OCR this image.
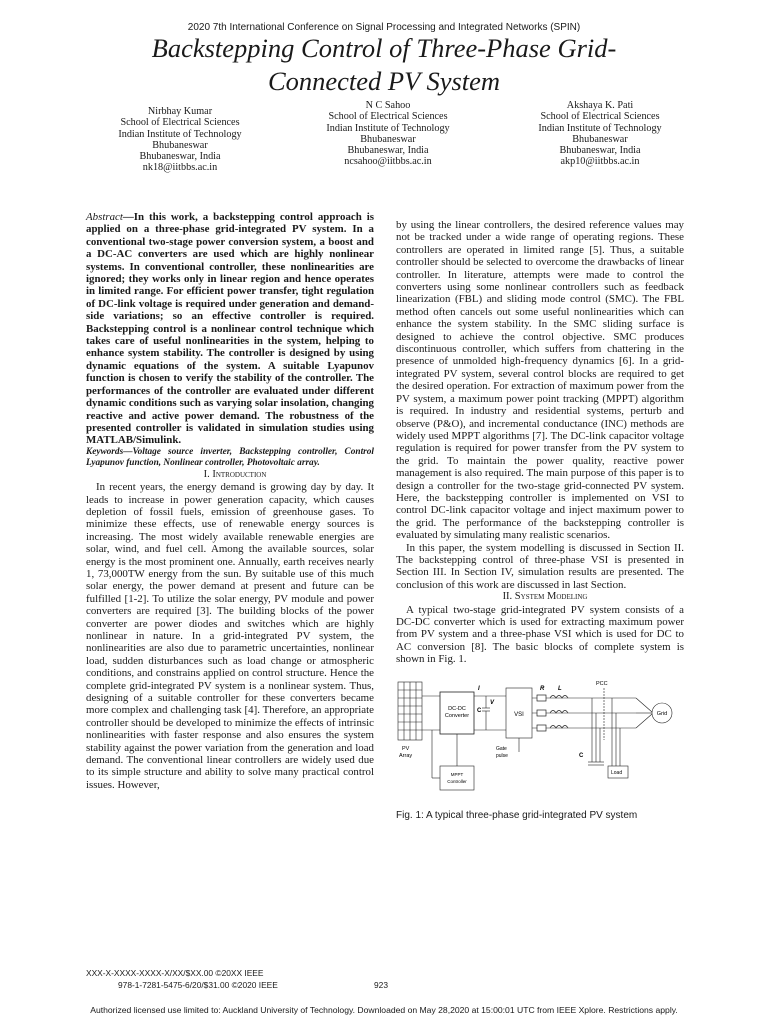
2020 7th International Conference on Signal Processing and Integrated Networks (SPIN)
Backstepping Control of Three-Phase Grid-
Connected PV System
Nirbhay Kumar
School of Electrical Sciences
Indian Institute of Technology
Bhubaneswar
Bhubaneswar, India
nk18@iitbbs.ac.in
N C Sahoo
School of Electrical Sciences
Indian Institute of Technology
Bhubaneswar
Bhubaneswar, India
ncsahoo@iitbbs.ac.in
Akshaya K. Pati
School of Electrical Sciences
Indian Institute of Technology
Bhubaneswar
Bhubaneswar, India
akp10@iitbbs.ac.in

Abstract—In this work, a backstepping control approach is applied on a three-phase grid-integrated PV system. In a conventional two-stage power conversion system, a boost and a DC-AC converters are used which are highly nonlinear systems. In conventional controller, these nonlinearities are ignored; they works only in linear region and hence operates in limited range. For efficient power transfer, tight regulation of DC-link voltage is required under generation and demand-side variations; so an effective controller is required. Backstepping control is a nonlinear control technique which takes care of useful nonlinearities in the system, helping to enhance system stability. The controller is designed by using dynamic equations of the system. A suitable Lyapunov function is chosen to verify the stability of the controller. The performances of the controller are evaluated under different dynamic conditions such as varying solar insolation, changing reactive and active power demand. The robustness of the presented controller is validated in simulation studies using MATLAB/Simulink.

Keywords—Voltage source inverter, Backstepping controller, Control Lyapunov function, Nonlinear controller, Photovoltaic array.

I. Introduction

In recent years, the energy demand is growing day by day. It leads to increase in power generation capacity, which causes depletion of fossil fuels, emission of greenhouse gases. To minimize these effects, use of renewable energy sources is increasing. The most widely available renewable energies are solar, wind, and fuel cell. Among the available sources, solar energy is the most prominent one. Annually, earth receives nearly 1, 73,000TW energy from the sun. By suitable use of this much solar energy, the power demand at present and future can be fulfilled [1-2]. To utilize the solar energy, PV module and power converters are required [3]. The building blocks of the power converter are power diodes and switches which are highly nonlinear in nature. In a grid-integrated PV system, the nonlinearities are also due to parametric uncertainties, nonlinear load, sudden disturbances such as load change or atmospheric conditions, and constrains applied on control structure. Hence the complete grid-integrated PV system is a nonlinear system. Thus, designing of a suitable controller for these converters became more complex and challenging task [4]. Therefore, an appropriate controller should be developed to minimize the effects of intrinsic nonlinearities with faster response and also ensures the system stability against the power variation from the generation and load demand. The conventional linear controllers are widely used due to its simple structure and ability to solve many practical control issues. However,

by using the linear controllers, the desired reference values may not be tracked under a wide range of operating regions. These controllers are operated in limited range [5]. Thus, a suitable controller should be selected to overcome the drawbacks of linear controller. In literature, attempts were made to control the converters using some nonlinear controllers such as feedback linearization (FBL) and sliding mode control (SMC). The FBL method often cancels out some useful nonlinearities which can enhance the system stability. In the SMC sliding surface is designed to achieve the control objective. SMC produces discontinuous controller, which suffers from chattering in the presence of unmolded high-frequency dynamics [6]. In a grid-integrated PV system, several control blocks are required to get the desired operation. For extraction of maximum power from the PV system, a maximum power point tracking (MPPT) algorithm is required. In industry and residential systems, perturb and observe (P&O), and incremental conductance (INC) methods are widely used MPPT algorithms [7]. The DC-link capacitor voltage regulation is required for power transfer from the PV system to the grid. To maintain the power quality, reactive power management is also required. The main purpose of this paper is to design a controller for the two-stage grid-connected PV system. Here, the backstepping controller is implemented on VSI to control DC-link capacitor voltage and inject maximum power to the grid. The performance of the backstepping controller is evaluated by simulating many realistic scenarios.

In this paper, the system modelling is discussed in Section II. The backstepping control of three-phase VSI is presented in Section III. In Section IV, simulation results are presented. The conclusion of this work are discussed in last Section.

II. System Modeling

A typical two-stage grid-integrated PV system consists of a DC-DC converter which is used for extracting maximum power from PV system and a three-phase VSI which is used for DC to AC conversion [8]. The basic blocks of complete system is shown in Fig. 1.

PV
Array
DC-DC
Converter	VSI	Grid
PCC
Load
MPPT
Controller
Gate
pulse
C
C
R L
I
V
Fig. 1: A typical three-phase grid-integrated PV system
XXX-X-XXXX-XXXX-X/XX/$XX.00 ©20XX IEEE
978-1-7281-5475-6/20/$31.00 ©2020 IEEE	923
Authorized licensed use limited to: Auckland University of Technology. Downloaded on May 28,2020 at 15:00:01 UTC from IEEE Xplore. Restrictions apply.
